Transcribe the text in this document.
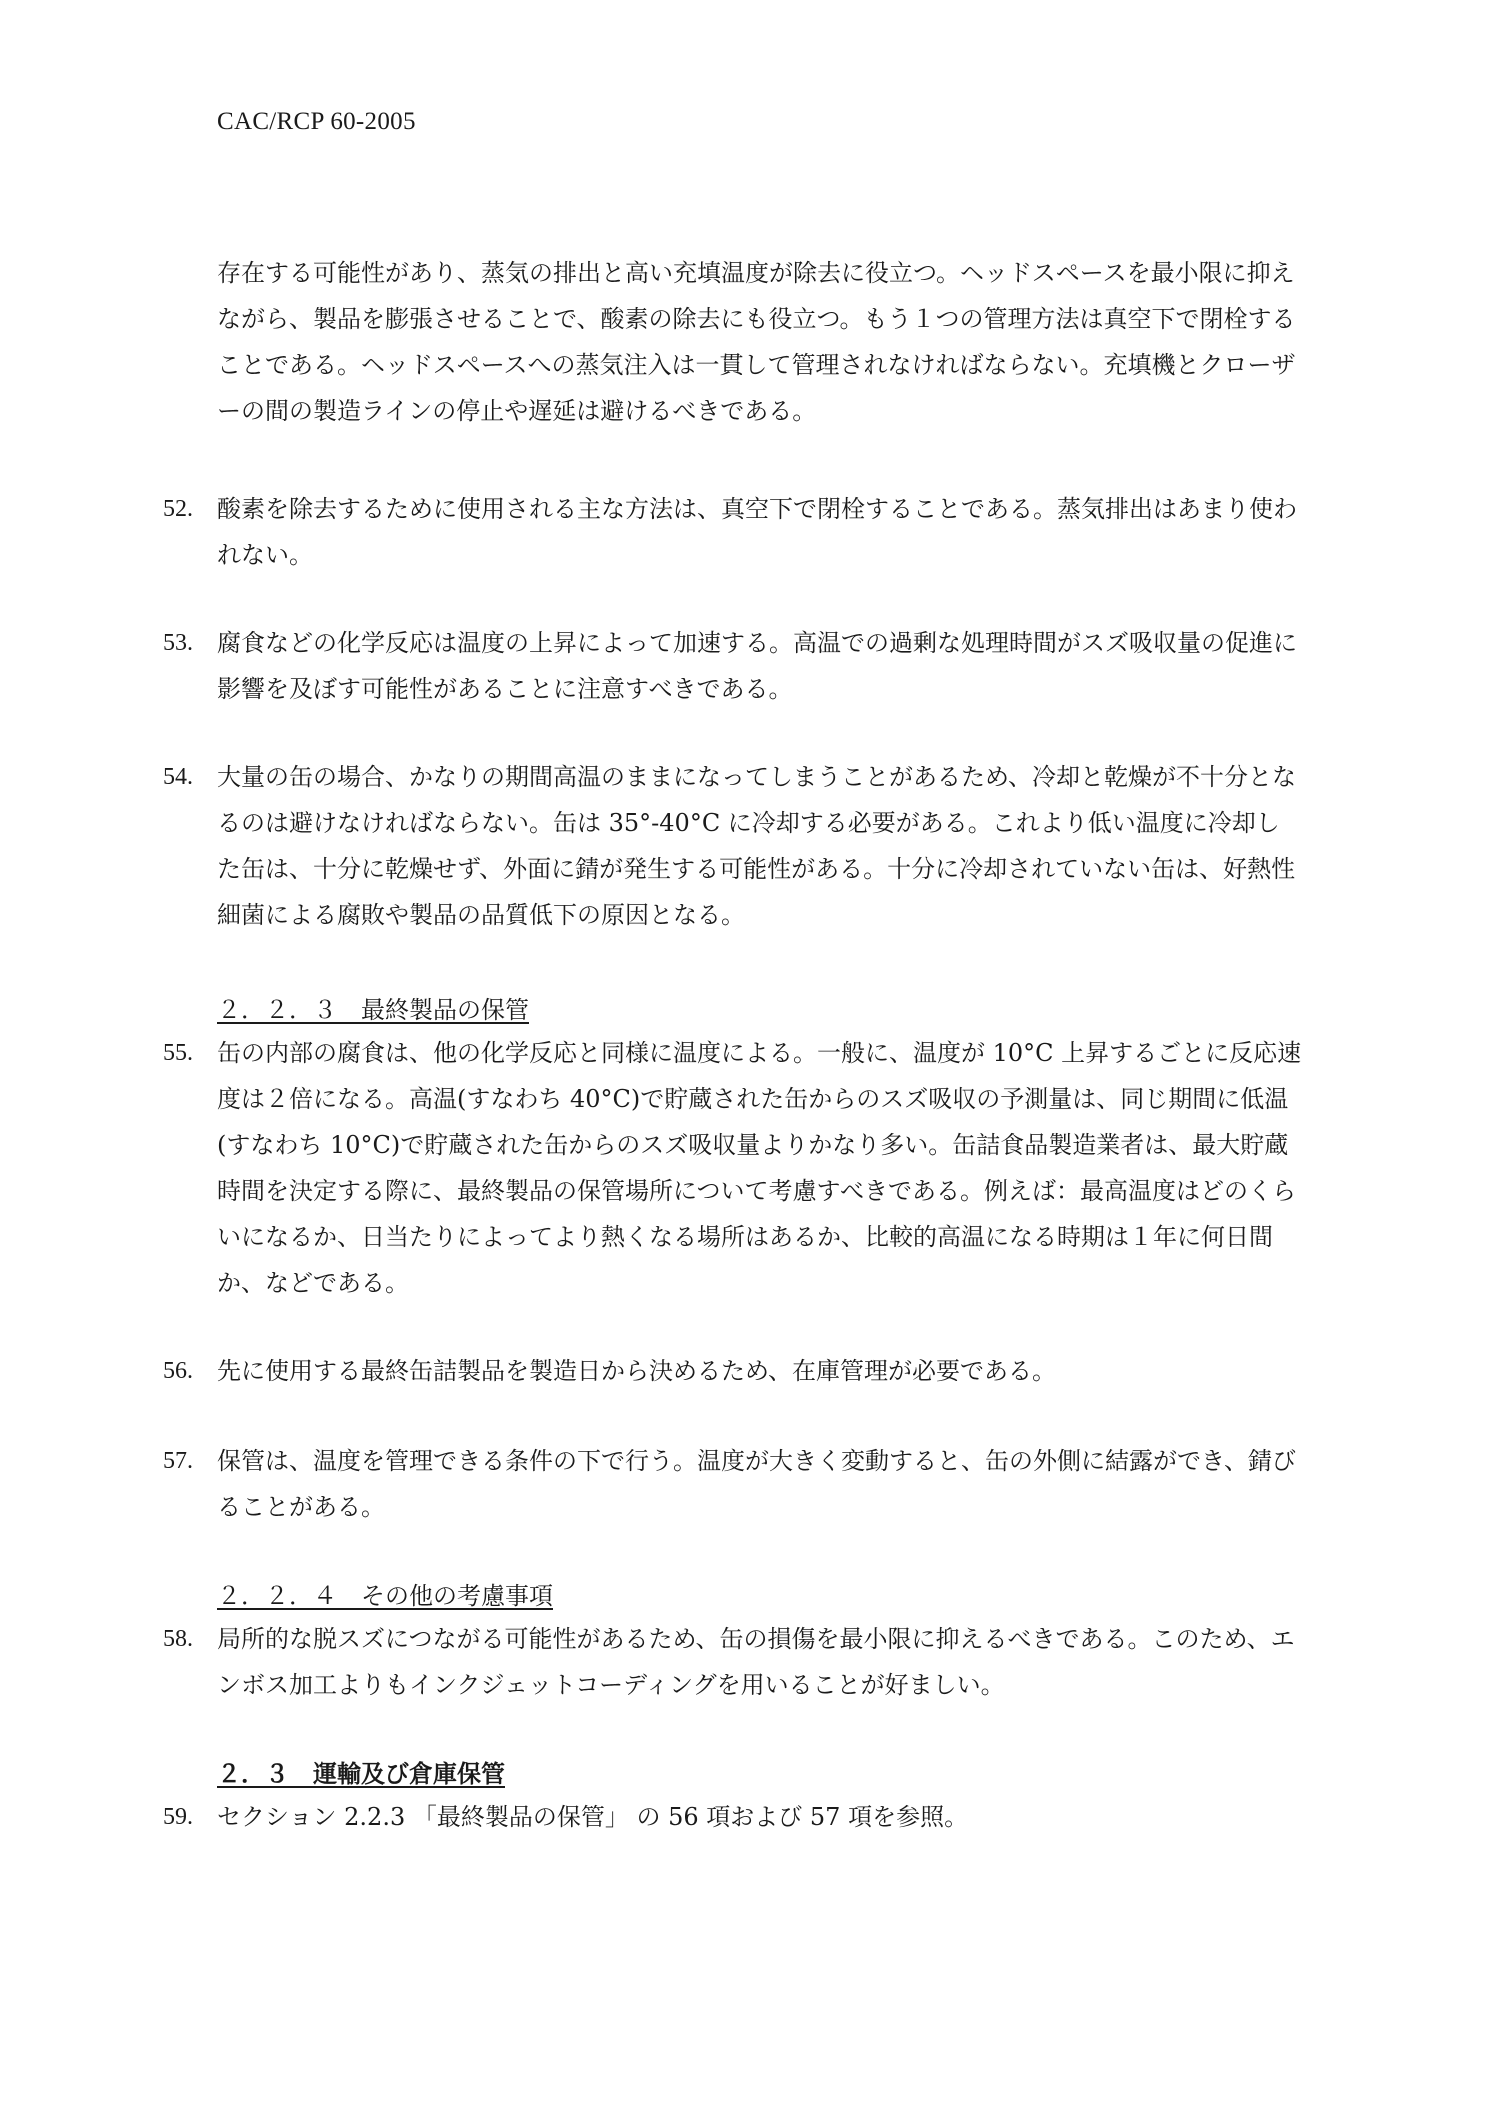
CAC/RCP 60-2005
存在する可能性があり、蒸気の排出と高い充填温度が除去に役立つ。ヘッドスペースを最小限に抑えながら、製品を膨張させることで、酸素の除去にも役立つ。もう１つの管理方法は真空下で閉栓することである。ヘッドスペースへの蒸気注入は一貫して管理されなければならない。充填機とクローザーの間の製造ラインの停止や遅延は避けるべきである。
52.	酸素を除去するために使用される主な方法は、真空下で閉栓することである。蒸気排出はあまり使われない。
53.	腐食などの化学反応は温度の上昇によって加速する。高温での過剰な処理時間がスズ吸収量の促進に影響を及ぼす可能性があることに注意すべきである。
54.	大量の缶の場合、かなりの期間高温のままになってしまうことがあるため、冷却と乾燥が不十分となるのは避けなければならない。缶は 35°-40°C に冷却する必要がある。これより低い温度に冷却した缶は、十分に乾燥せず、外面に錆が発生する可能性がある。十分に冷却されていない缶は、好熱性細菌による腐敗や製品の品質低下の原因となる。
２．２．３　最終製品の保管
55.	缶の内部の腐食は、他の化学反応と同様に温度による。一般に、温度が 10°C 上昇するごとに反応速度は２倍になる。高温(すなわち 40°C)で貯蔵された缶からのスズ吸収の予測量は、同じ期間に低温(すなわち 10°C)で貯蔵された缶からのスズ吸収量よりかなり多い。缶詰食品製造業者は、最大貯蔵時間を決定する際に、最終製品の保管場所について考慮すべきである。例えば：最高温度はどのくらいになるか、日当たりによってより熱くなる場所はあるか、比較的高温になる時期は１年に何日間か、などである。
56.	先に使用する最終缶詰製品を製造日から決めるため、在庫管理が必要である。
57.	保管は、温度を管理できる条件の下で行う。温度が大きく変動すると、缶の外側に結露ができ、錆びることがある。
２．２．４　その他の考慮事項
58.	局所的な脱スズにつながる可能性があるため、缶の損傷を最小限に抑えるべきである。このため、エンボス加工よりもインクジェットコーディングを用いることが好ましい。
２．３　運輸及び倉庫保管
59.	セクション 2.2.3 「最終製品の保管」 の 56 項および 57 項を参照。
